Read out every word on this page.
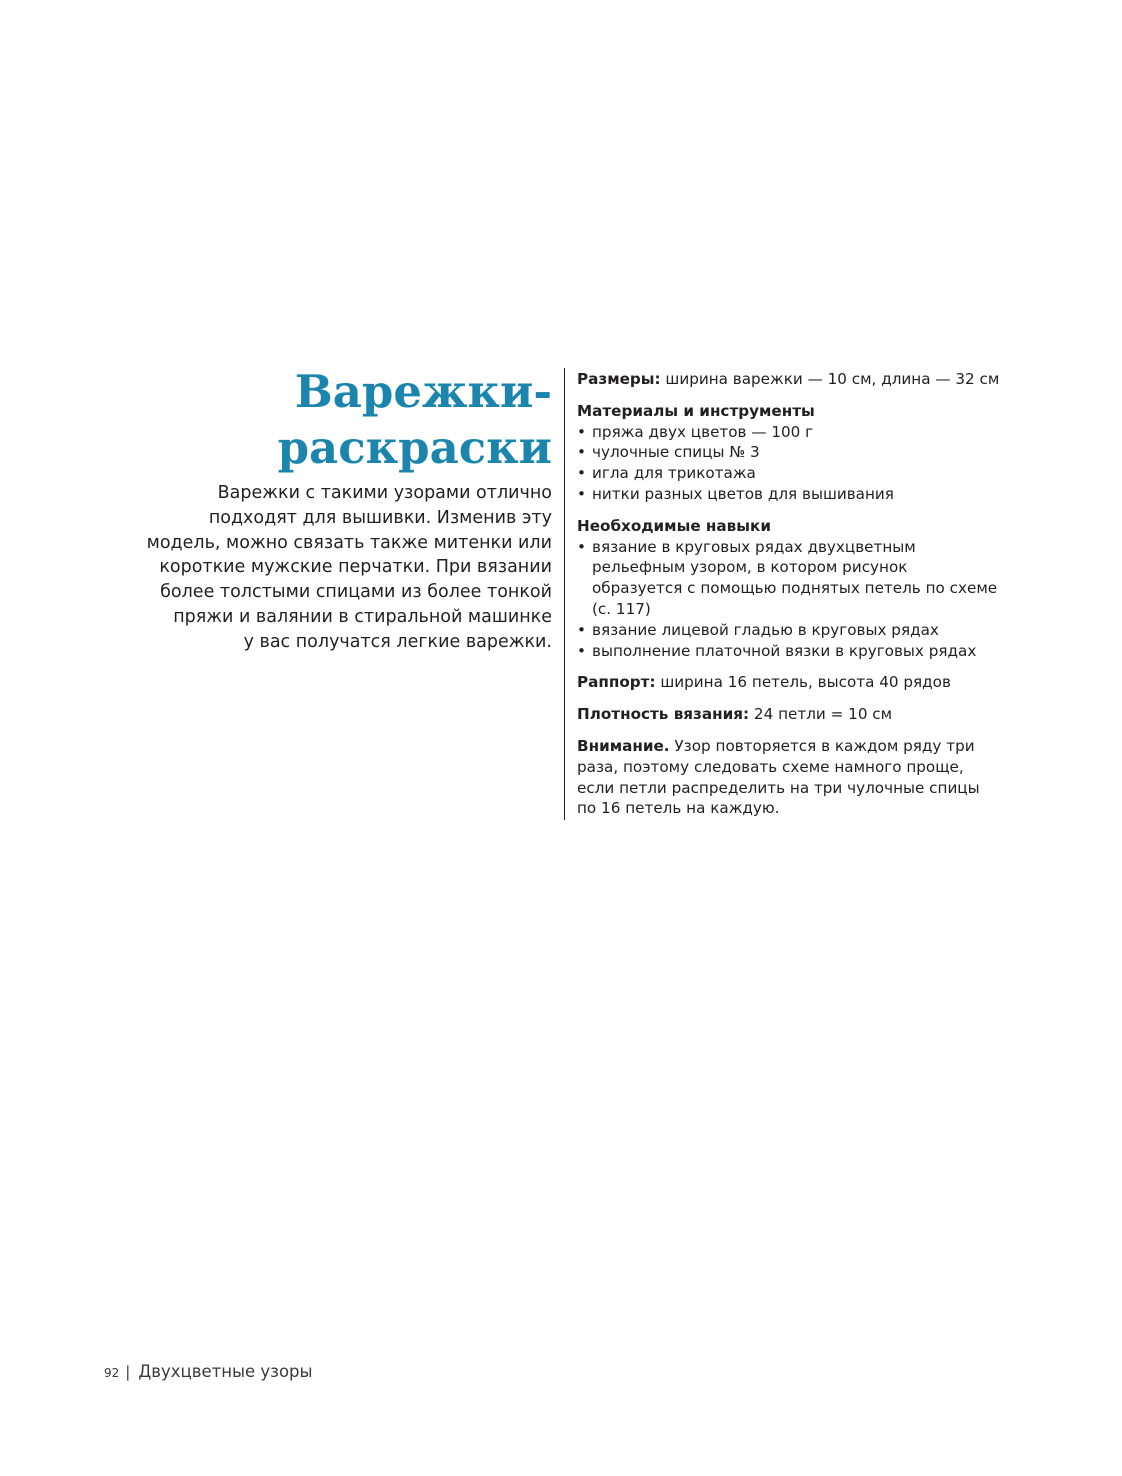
Варежки-
раскраски
Варежки с такими узорами отлично
подходят для вышивки. Изменив эту
модель, можно связать также митенки или
короткие мужские перчатки. При вязании
более толстыми спицами из более тонкой
пряжи и валянии в стиральной машинке
у вас получатся легкие варежки.

Размеры: ширина варежки — 10 см, длина — 32 см

Материалы и инструменты

• пряжа двух цветов — 100 г
• чулочные спицы № 3
• игла для трикотажа
• нитки разных цветов для вышивания

Необходимые навыки

• вязание в круговых рядах двухцветным
рельефным узором, в котором рисунок
образуется с помощью поднятых петель по схеме
(с. 117)
• вязание лицевой гладью в круговых рядах
• выполнение платочной вязки в круговых рядах

Раппорт: ширина 16 петель, высота 40 рядов

Плотность вязания: 24 петли = 10 см

Внимание. Узор повторяется в каждом ряду три

раза, поэтому следовать схеме намного проще,

если петли распределить на три чулочные спицы

по 16 петель на каждую.

92 | Двухцветные узоры
